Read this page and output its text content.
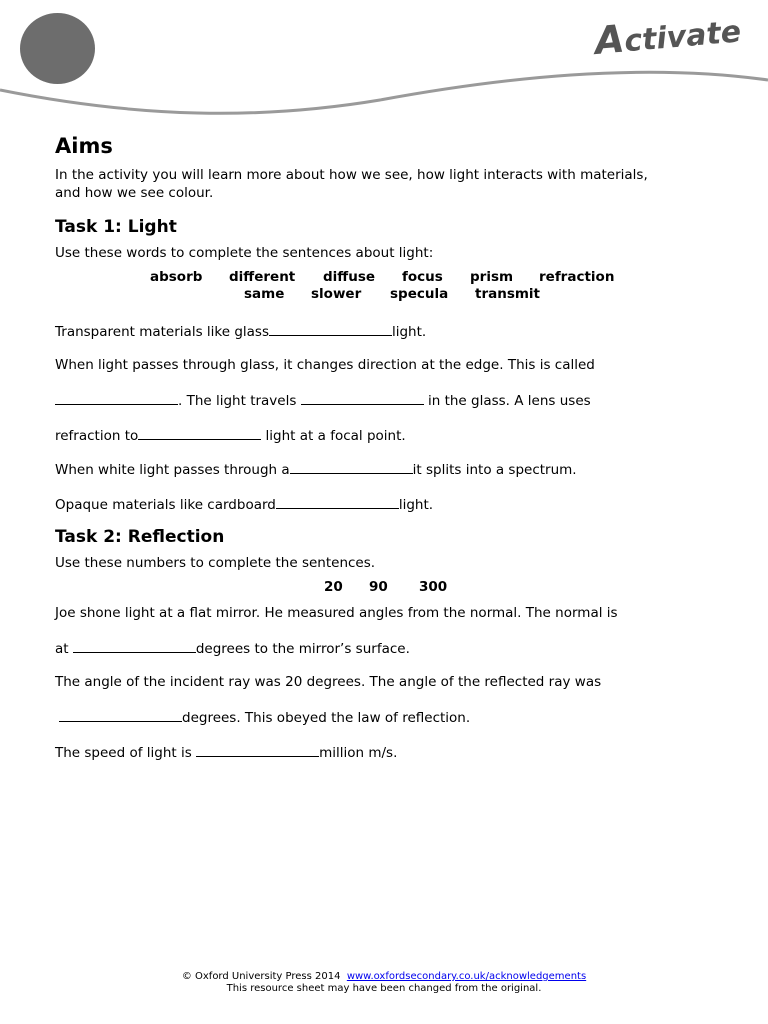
Activate
Aims

In the activity you will learn more about how we see, how light interacts with materials, and how we see colour.

Task 1: Light

Use these words to complete the sentences about light:

absorb different diffuse focus prism refraction
same slower specula transmit

Transparent materials like glass	light.

When light passes through glass, it changes direction at the edge. This is called

. The light travels	in the glass. A lens uses

refraction to	light at a focal point.

When white light passes through a	it splits into a spectrum.

Opaque materials like cardboard	light.

Task 2: Reflection

Use these numbers to complete the sentences.

20 90 300

Joe shone light at a flat mirror. He measured angles from the normal. The normal is

at	degrees to the mirror’s surface.

The angle of the incident ray was 20 degrees. The angle of the reflected ray was

degrees. This obeyed the law of reflection.

The speed of light is	million m/s.

© Oxford University Press 2014 www.oxfordsecondary.co.uk/acknowledgements
This resource sheet may have been changed from the original.
